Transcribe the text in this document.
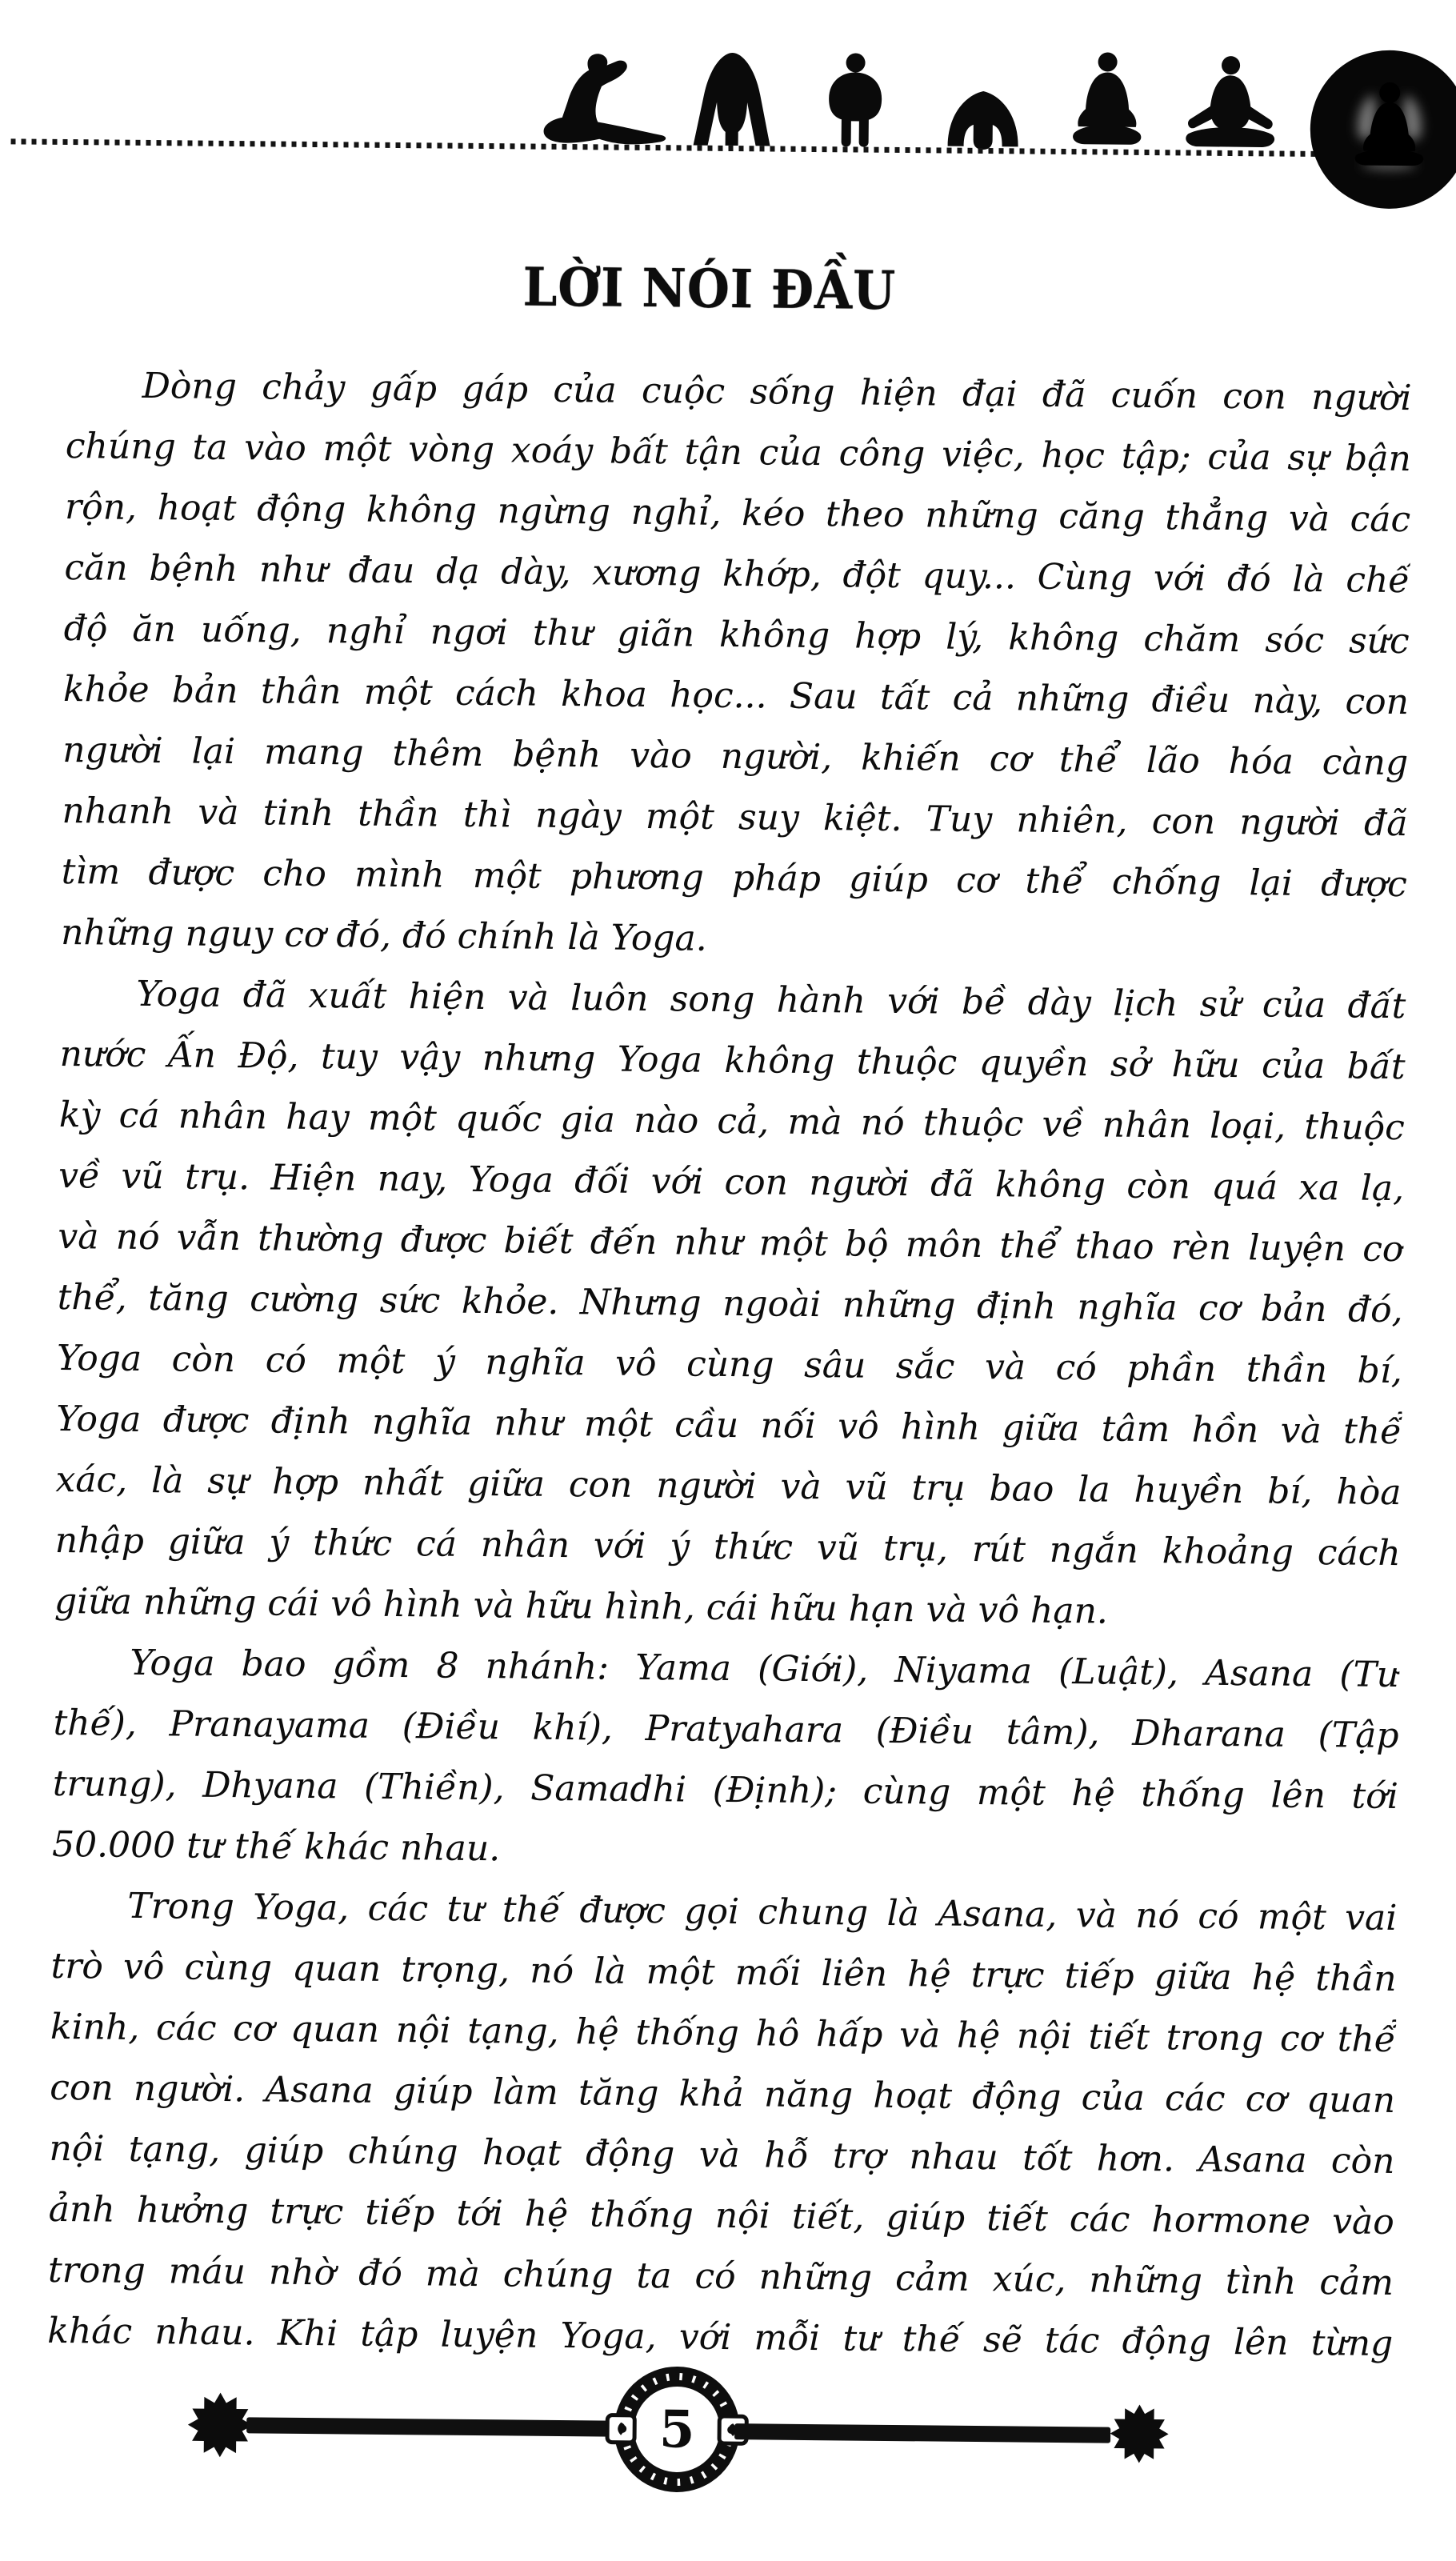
LỜI NÓI ĐẦU
Dòng chảy gấp gáp của cuộc sống hiện đại đã cuốn con người
chúng ta vào một vòng xoáy bất tận của công việc, học tập; của sự bận
rộn, hoạt động không ngừng nghỉ, kéo theo những căng thẳng và các
căn bệnh như đau dạ dày, xương khớp, đột quy... Cùng với đó là chế
độ ăn uống, nghỉ ngơi thư giãn không hợp lý, không chăm sóc sức
khỏe bản thân một cách khoa học... Sau tất cả những điều này, con
người lại mang thêm bệnh vào người, khiến cơ thể lão hóa càng
nhanh và tinh thần thì ngày một suy kiệt. Tuy nhiên, con người đã
tìm được cho mình một phương pháp giúp cơ thể chống lại được
những nguy cơ đó, đó chính là Yoga.
Yoga đã xuất hiện và luôn song hành với bề dày lịch sử của đất
nước Ấn Độ, tuy vậy nhưng Yoga không thuộc quyền sở hữu của bất
kỳ cá nhân hay một quốc gia nào cả, mà nó thuộc về nhân loại, thuộc
về vũ trụ. Hiện nay, Yoga đối với con người đã không còn quá xa lạ,
và nó vẫn thường được biết đến như một bộ môn thể thao rèn luyện cơ
thể, tăng cường sức khỏe. Nhưng ngoài những định nghĩa cơ bản đó,
Yoga còn có một ý nghĩa vô cùng sâu sắc và có phần thần bí,
Yoga được định nghĩa như một cầu nối vô hình giữa tâm hồn và thể
xác, là sự hợp nhất giữa con người và vũ trụ bao la huyền bí, hòa
nhập giữa ý thức cá nhân với ý thức vũ trụ, rút ngắn khoảng cách
giữa những cái vô hình và hữu hình, cái hữu hạn và vô hạn.
Yoga bao gồm 8 nhánh: Yama (Giới), Niyama (Luật), Asana (Tư
thế), Pranayama (Điều khí), Pratyahara (Điều tâm), Dharana (Tập
trung), Dhyana (Thiền), Samadhi (Định); cùng một hệ thống lên tới
50.000 tư thế khác nhau.
Trong Yoga, các tư thế được gọi chung là Asana, và nó có một vai
trò vô cùng quan trọng, nó là một mối liên hệ trực tiếp giữa hệ thần
kinh, các cơ quan nội tạng, hệ thống hô hấp và hệ nội tiết trong cơ thể
con người. Asana giúp làm tăng khả năng hoạt động của các cơ quan
nội tạng, giúp chúng hoạt động và hỗ trợ nhau tốt hơn. Asana còn
ảnh hưởng trực tiếp tới hệ thống nội tiết, giúp tiết các hormone vào
trong máu nhờ đó mà chúng ta có những cảm xúc, những tình cảm
khác nhau. Khi tập luyện Yoga, với mỗi tư thế sẽ tác động lên từng
5
